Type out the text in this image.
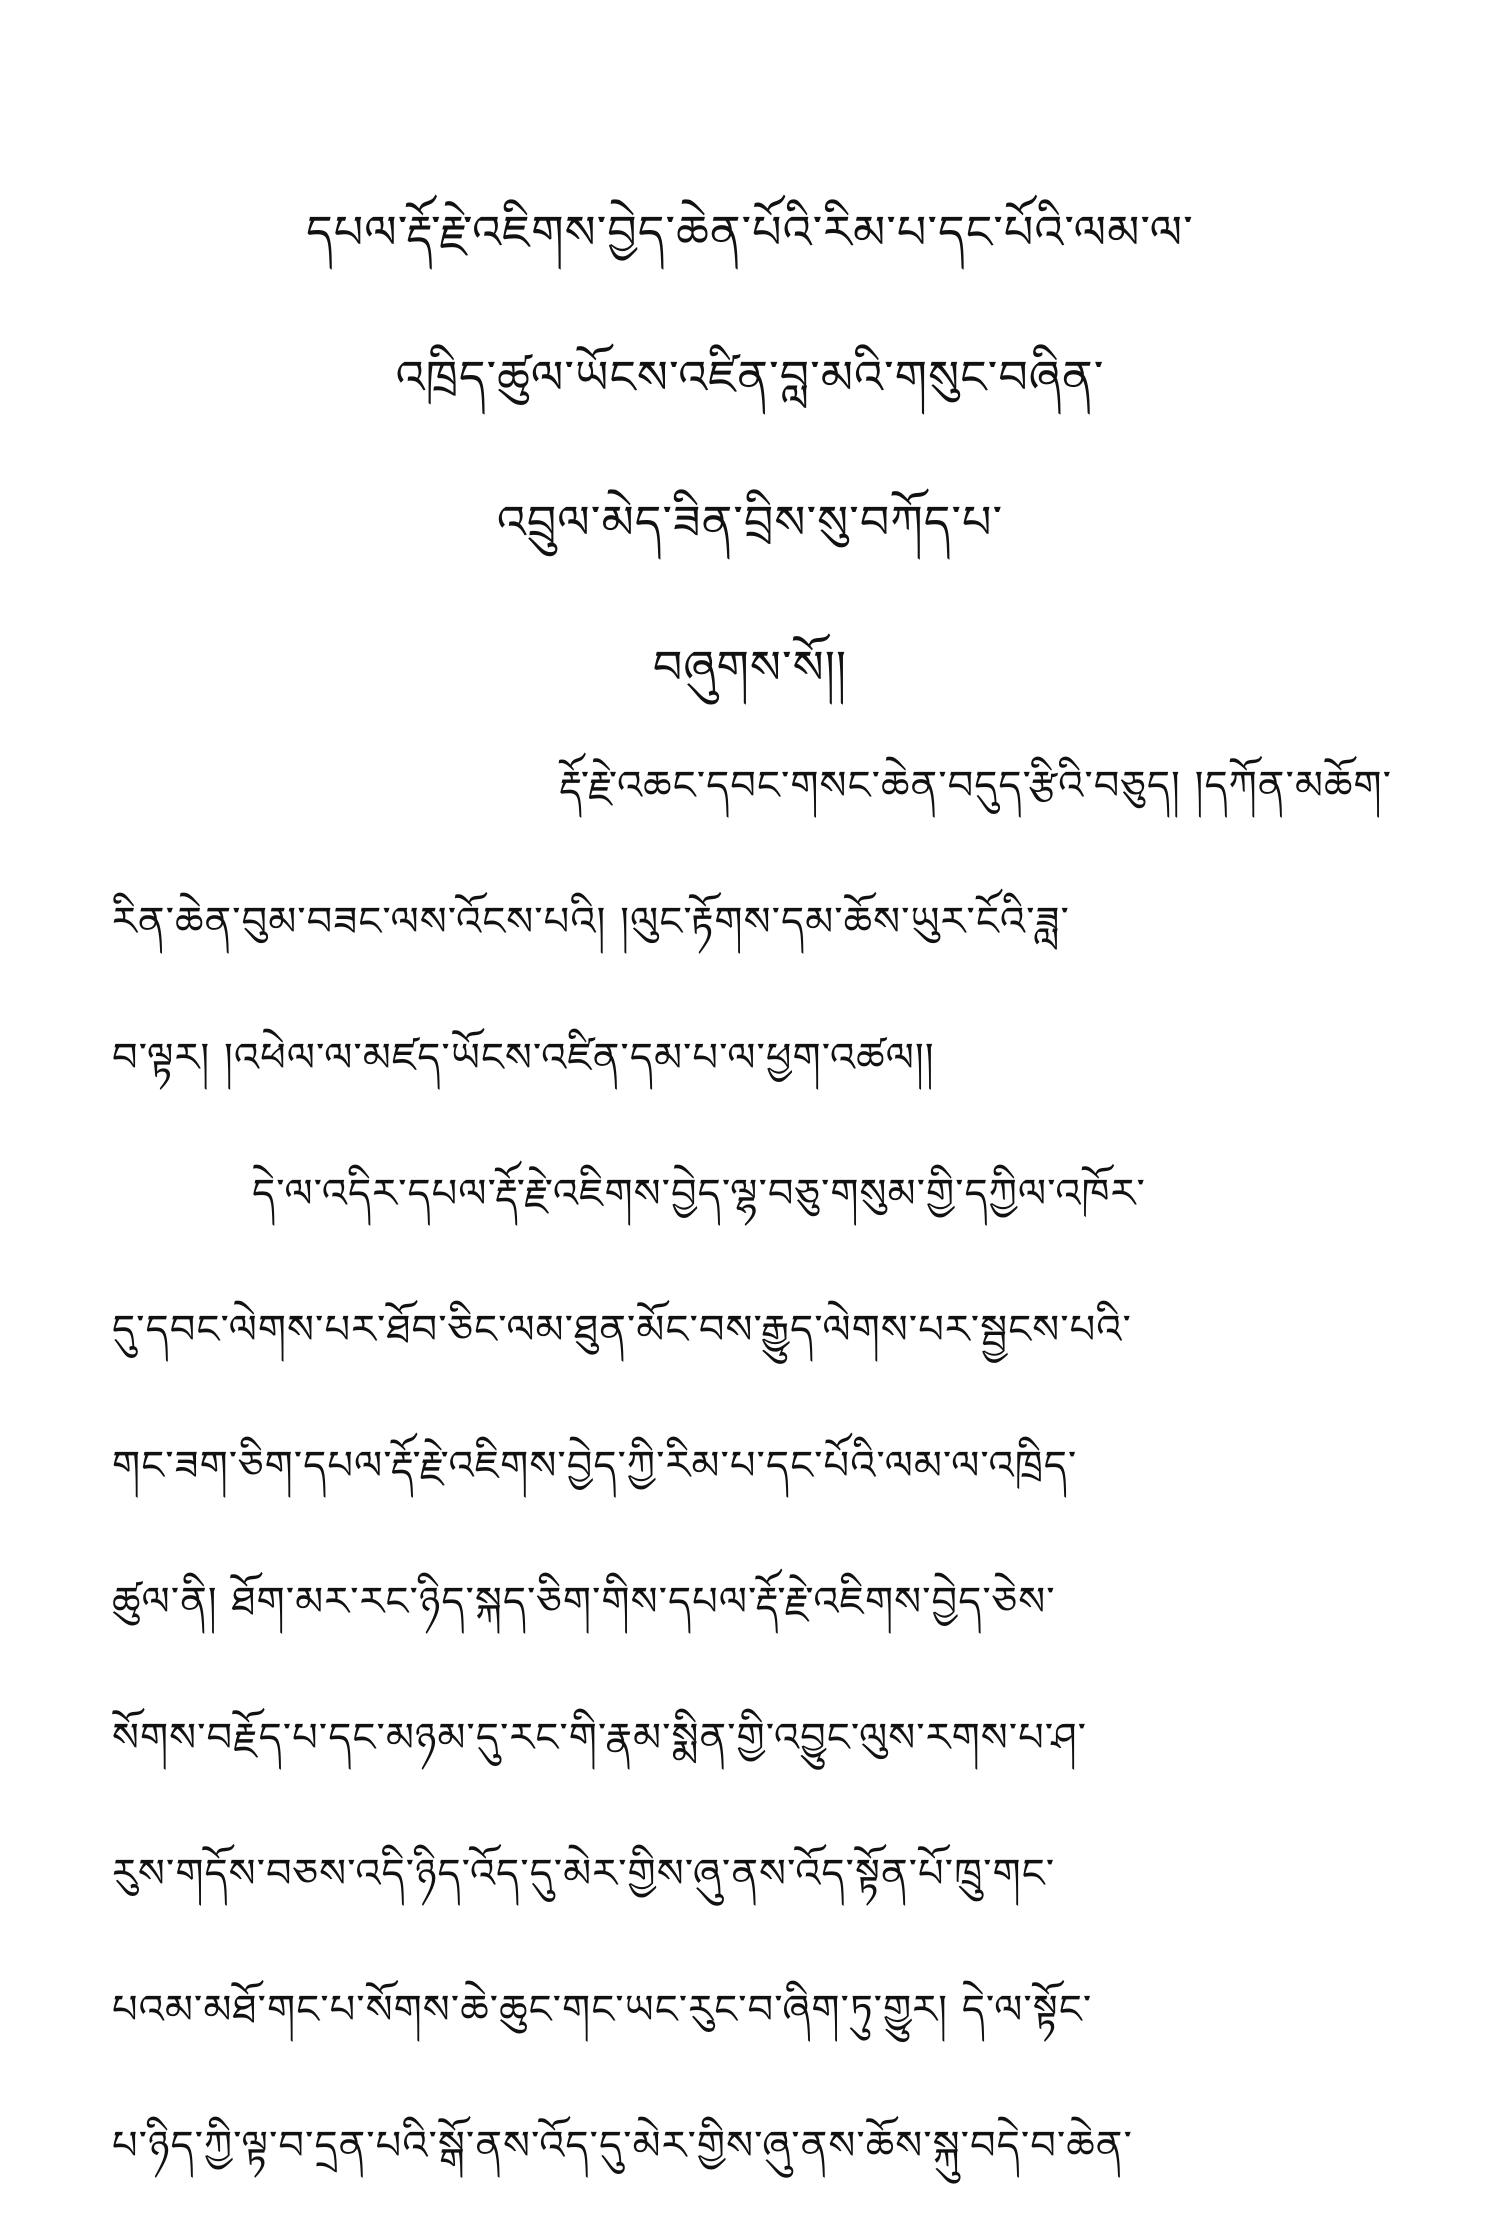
དཔལ་རྡོ་རྗེ་འཇིགས་བྱེད་ཆེན་པོའི་རིམ་པ་དང་པོའི་ལམ་ལ་
འཁྲིད་ཚུལ་ཡོངས་འཛིན་བླ་མའི་གསུང་བཞིན་
འབྲུལ་མེད་ཟིན་བྲིས་སུ་བཀོད་པ་
བཞུགས་སོ།།
རྡོ་རྗེ་འཆང་དབང་གསང་ཆེན་བདུད་རྩིའི་བཅུད། །དཀོན་མཆོག་
རིན་ཆེན་བུམ་བཟང་ལས་འོངས་པའི། །ལུང་རྟོགས་དམ་ཆོས་ཡུར་ངོའི་ཟླ་
བ་ལྟར། །འཕེལ་ལ་མཛད་ཡོངས་འཛིན་དམ་པ་ལ་ཕྱག་འཚལ།།
དེ་ལ་འདིར་དཔལ་རྡོ་རྗེ་འཇིགས་བྱེད་ལྷ་བཅུ་གསུམ་གྱི་དཀྱིལ་འཁོར་
དུ་དབང་ལེགས་པར་ཐོབ་ཅིང་ལམ་ཐུན་མོང་བས་རྒྱུད་ལེགས་པར་སྦྱངས་པའི་
གང་ཟག་ཅིག་དཔལ་རྡོ་རྗེ་འཇིགས་བྱེད་ཀྱི་རིམ་པ་དང་པོའི་ལམ་ལ་འཁྲིད་
ཚུལ་ནི། ཐོག་མར་རང་ཉིད་སྐད་ཅིག་གིས་དཔལ་རྡོ་རྗེ་འཇིགས་བྱེད་ཅེས་
སོགས་བརྗོད་པ་དང་མཉམ་དུ་རང་གི་རྣམ་སྨིན་གྱི་འབྱུང་ལུས་རགས་པ་ཤ་
རུས་གདོས་བཅས་འདི་ཉིད་འོད་དུ་མེར་གྱིས་ཞུ་ནས་འོད་སྟོན་པོ་ཁྲུ་གང་
པའམ་མཐོ་གང་པ་སོགས་ཆེ་ཆུང་གང་ཡང་རུང་བ་ཞིག་ཏུ་གྱུར། དེ་ལ་སྟོང་
པ་ཉིད་ཀྱི་ལྟ་བ་དྲན་པའི་སྒོ་ནས་འོད་དུ་མེར་གྱིས་ཞུ་ནས་ཆོས་སྐུ་བདེ་བ་ཆེན་
